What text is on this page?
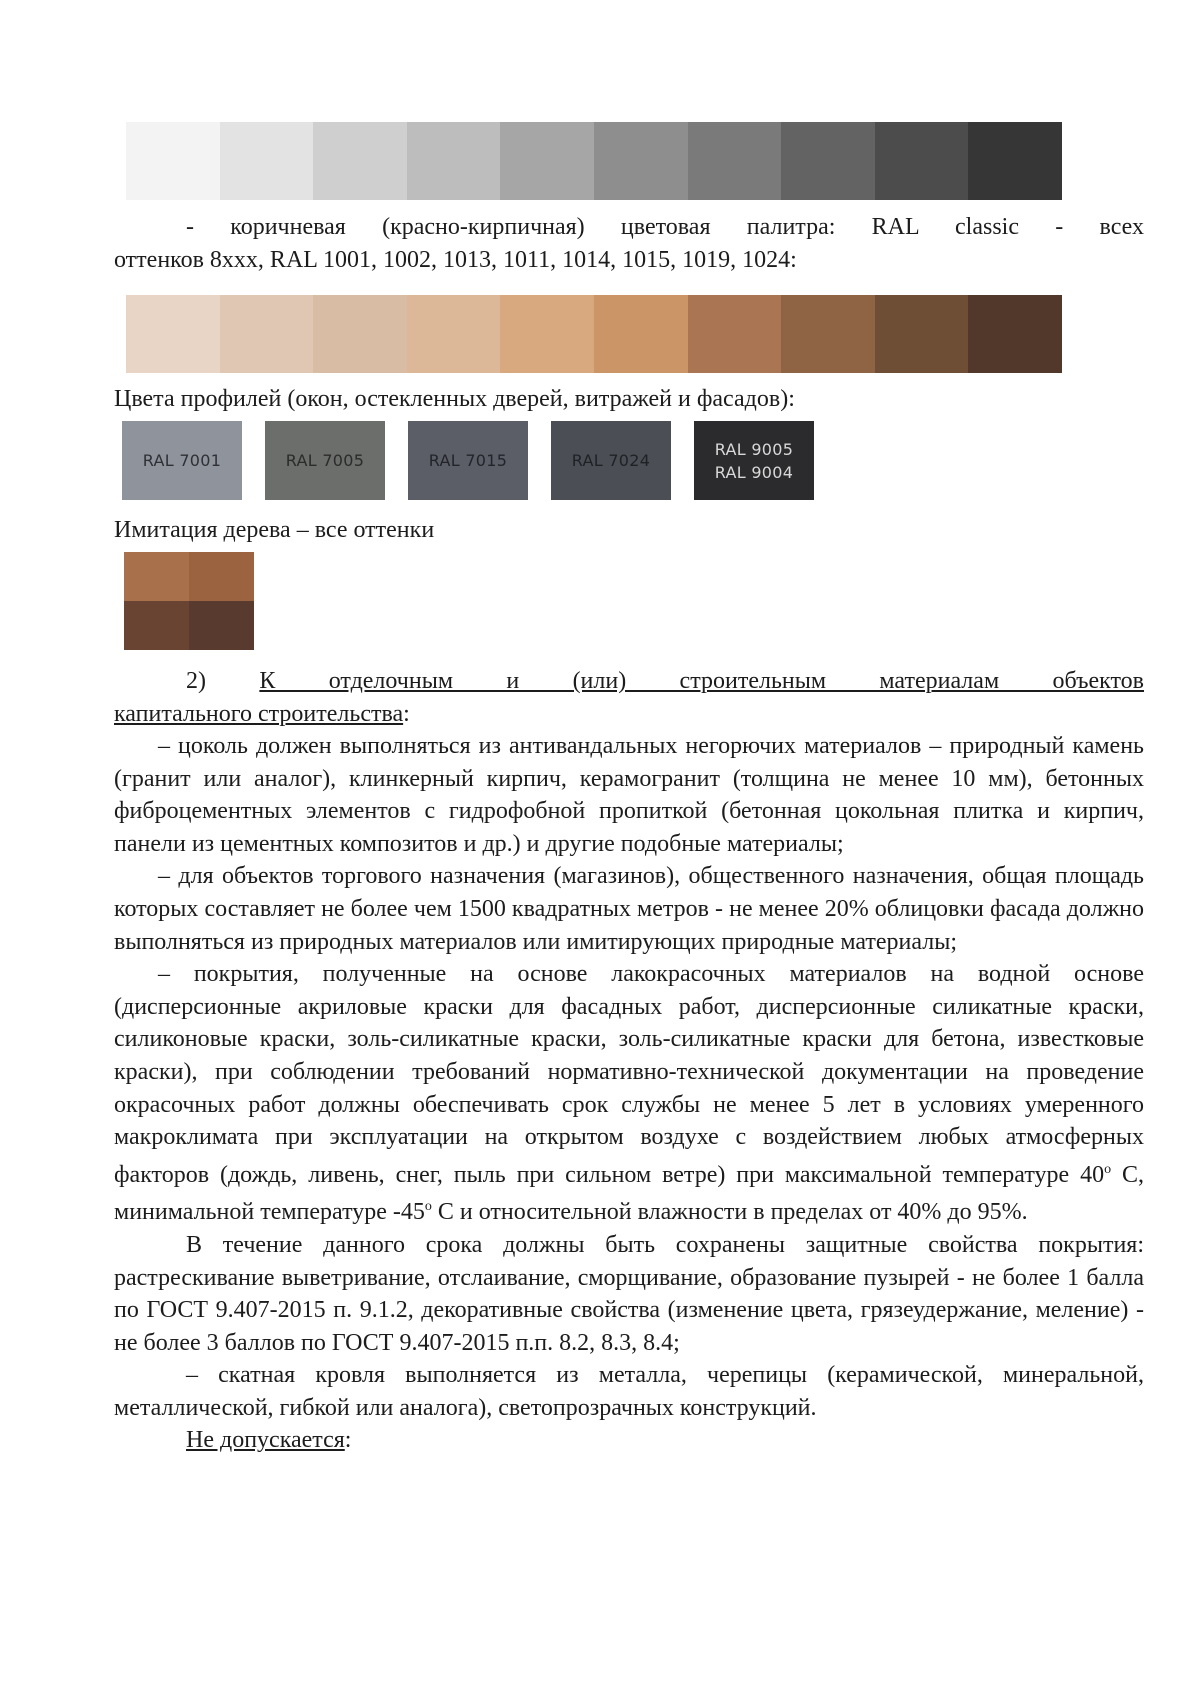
- коричневая (красно-кирпичная) цветовая палитра: RAL classic - всех

оттенков 8xxx, RAL 1001, 1002, 1013, 1011, 1014, 1015, 1019, 1024:

Цвета профилей (окон, остекленных дверей, витражей и фасадов):
RAL 7001	RAL 7005	RAL 7015	RAL 7024
RAL 9005
RAL 9004
Имитация дерева – все оттенки

2) К отделочным и (или) строительным материалам объектов

капитального строительства:

– цоколь должен выполняться из антивандальных негорючих материалов – природный камень (гранит или аналог), клинкерный кирпич, керамогранит (толщина не менее 10 мм), бетонных фиброцементных элементов с гидрофобной пропиткой (бетонная цокольная плитка и кирпич, панели из цементных композитов и др.) и другие подобные материалы;

– для объектов торгового назначения (магазинов), общественного назначения, общая площадь которых составляет не более чем 1500 квадратных метров - не менее 20% облицовки фасада должно выполняться из природных материалов или имитирующих природные материалы;

– покрытия, полученные на основе лакокрасочных материалов на водной основе (дисперсионные акриловые краски для фасадных работ, дисперсионные силикатные краски, силиконовые краски, золь-силикатные краски, золь-силикатные краски для бетона, известковые краски), при соблюдении требований нормативно-технической документации на проведение окрасочных работ должны обеспечивать срок службы не менее 5 лет в условиях умеренного макроклимата при эксплуатации на открытом воздухе с воздействием любых атмосферных факторов (дождь, ливень, снег, пыль при сильном ветре) при максимальной температуре 40$^o$ С, минимальной температуре -45$^o$ С и относительной влажности в пределах от 40% до 95%.

В течение данного срока должны быть сохранены защитные свойства покрытия: растрескивание выветривание, отслаивание, сморщивание, образование пузырей - не более 1 балла по ГОСТ 9.407-2015 п. 9.1.2, декоративные свойства (изменение цвета, грязеудержание, меление) - не более 3 баллов по ГОСТ 9.407-2015 п.п. 8.2, 8.3, 8.4;

– скатная кровля выполняется из металла, черепицы (керамической, минеральной, металлической, гибкой или аналога), светопрозрачных конструкций.

Не допускается:
